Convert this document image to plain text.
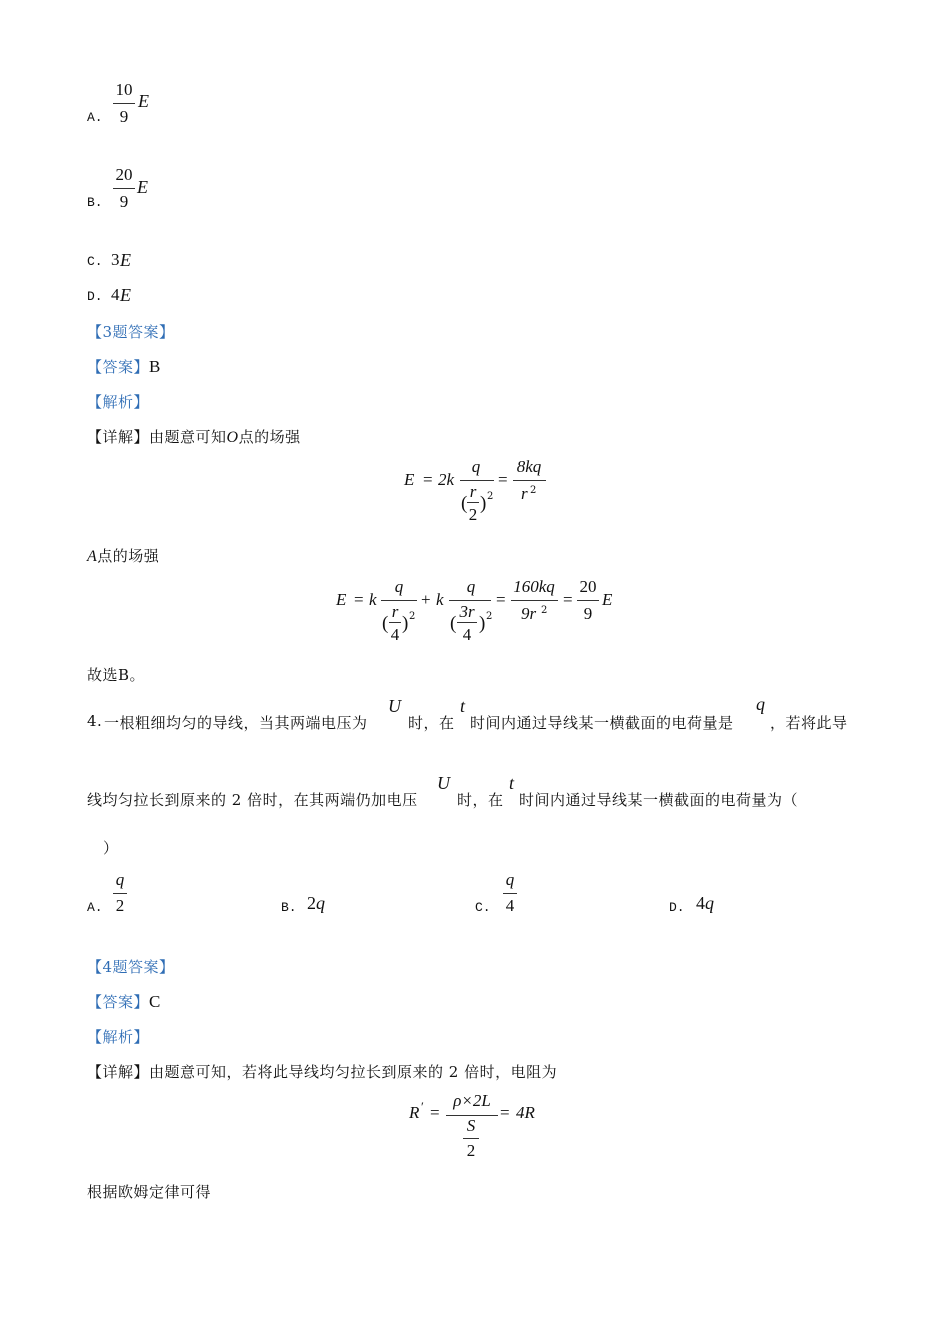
A.
10
9
E
B.
20
9
E
C. 3 E
D. 4 E
【3题答案】
【答案】B
【解析】
【详解】由题意可知O点的场强
E = 2k
q
(
r
2
) 2
=
8kq
r 2
A点的场强
E = k
q
(
r
4
) 2
+ k
q
(
3r
4
) 2
=
160kq
9r 2
=
20
9
E
故选B。
4. 一根粗细均匀的导线，当其两端电压为
U
时，在
t
时间内通过导线某一横截面的电荷量是
q
，若将此导
线均匀拉长到原来的 2 倍时，在其两端仍加电压
U
时，在
t
时间内通过导线某一横截面的电荷量为（
）
A.
q
2	B. 2 q	C.
q
4	D. 4 q
【4题答案】
【答案】C
【解析】
【详解】由题意可知，若将此导线均匀拉长到原来的 2 倍时，电阻为
R ′ =
ρ×2L
S
2
= 4R
根据欧姆定律可得
